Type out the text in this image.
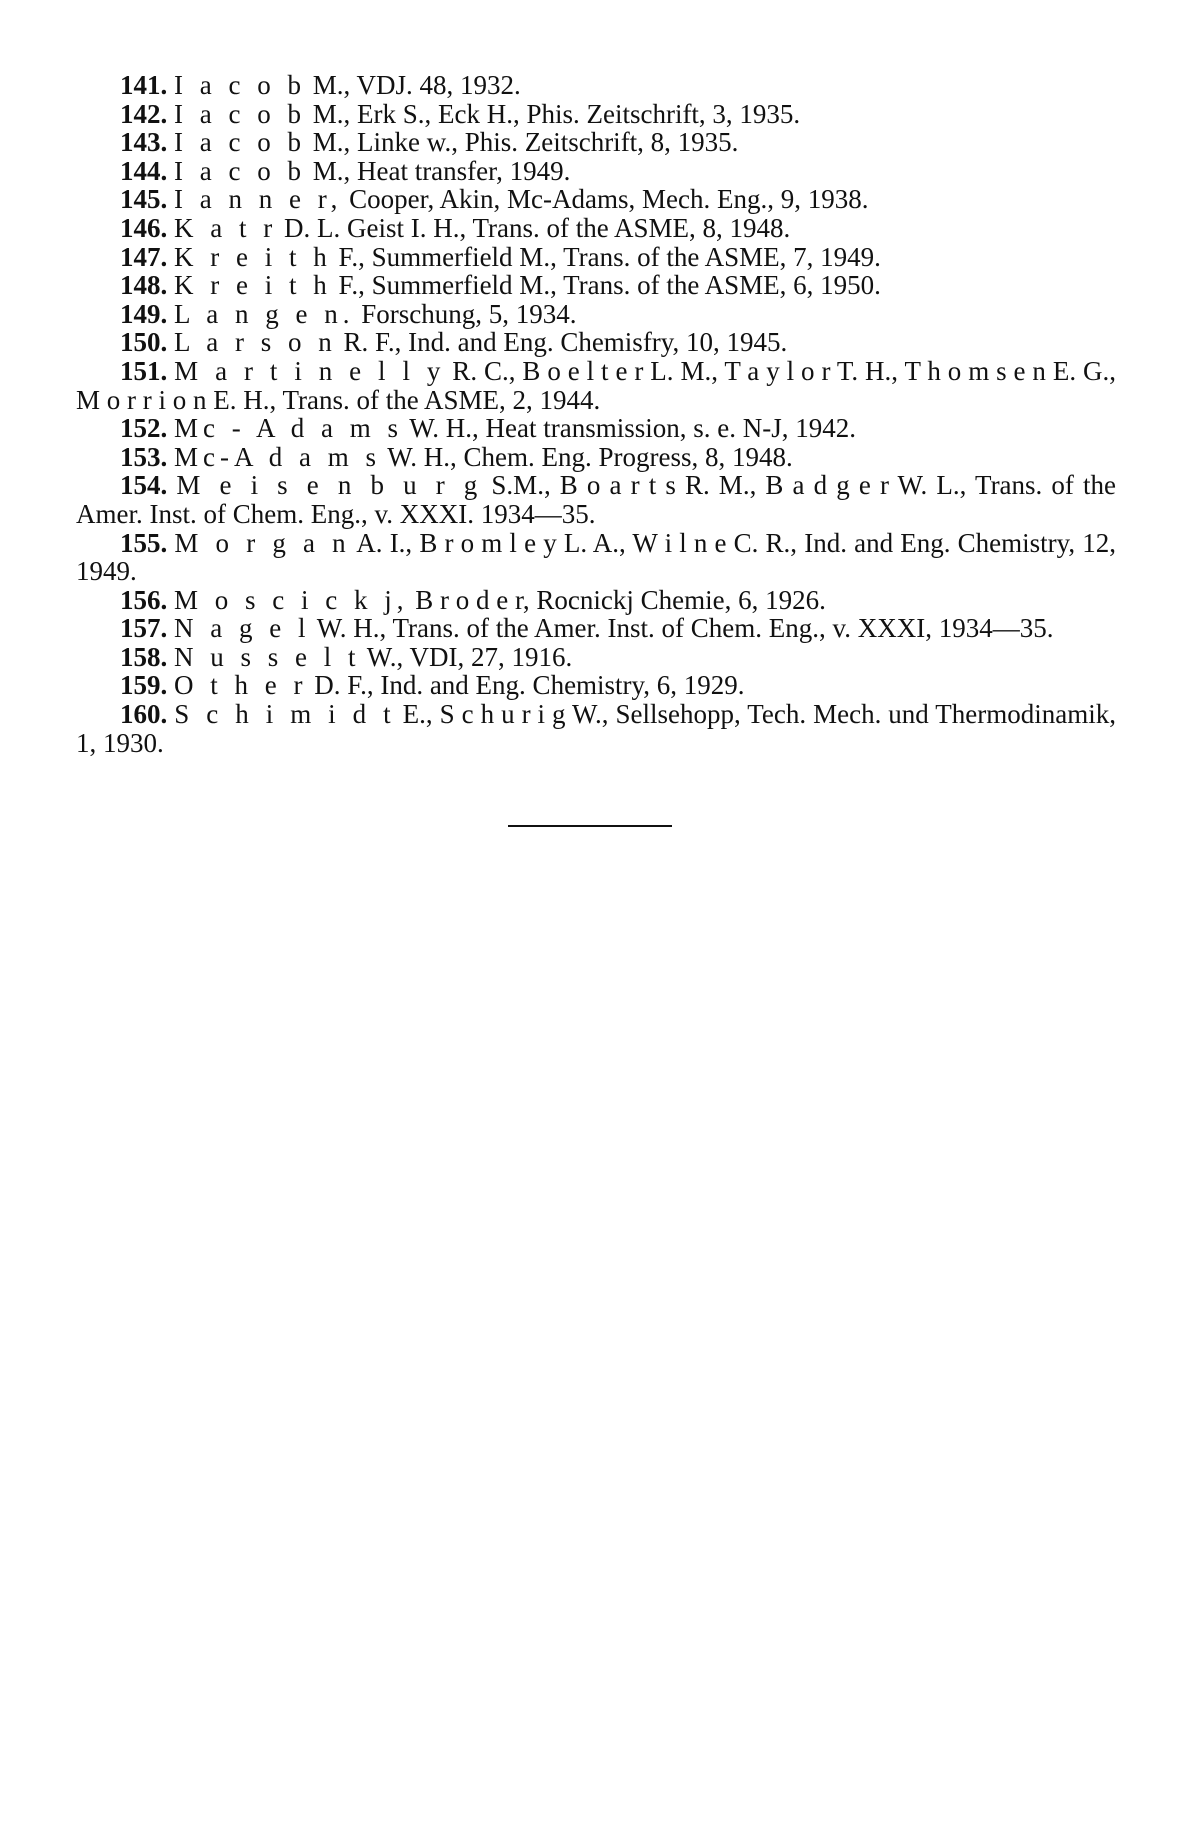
141. I a c o b M., VDJ. 48, 1932.
142. I a c o b M., Erk S., Eck H., Phis. Zeitschrift, 3, 1935.
143. I a c o b M., Linke w., Phis. Zeitschrift, 8, 1935.
144. I a c o b M., Heat transfer, 1949.
145. I a n n e r, Cooper, Akin, Mc-Adams, Mech. Eng., 9, 1938.
146. K a t r D. L. Geist I. H., Trans. of the ASME, 8, 1948.
147. K r e i t h F., Summerfield M., Trans. of the ASME, 7, 1949.
148. K r e i t h F., Summerfield M., Trans. of the ASME, 6, 1950.
149. L a n g e n. Forschung, 5, 1934.
150. L a r s o n R. F., Ind. and Eng. Chemisfry, 10, 1945.
151. M a r t i n e l l y R. C., B o e l t e r L. M., T a y l o r T. H., T h o m s e n E. G., M o r r i o n E. H., Trans. of the ASME, 2, 1944.
152. Mc - A d a m s W. H., Heat transmission, s. e. N-J, 1942.
153. Mc-A d a m s W. H., Chem. Eng. Progress, 8, 1948.
154. M e i s e n b u r g S.M., B o a r t s R. M., B a d g e r W. L., Trans. of the Amer. Inst. of Chem. Eng., v. XXXI. 1934—35.
155. M o r g a n A. I., B r o m l e y L. A., W i l n e C. R., Ind. and Eng. Chemistry, 12, 1949.
156. M o s c i c k j, B r o d e r, Rocnickj Chemie, 6, 1926.
157. N a g e l W. H., Trans. of the Amer. Inst. of Chem. Eng., v. XXXI, 1934—35.
158. N u s s e l t W., VDI, 27, 1916.
159. O t h e r D. F., Ind. and Eng. Chemistry, 6, 1929.
160. S c h i m i d t E., S c h u r i g W., Sellsehopp, Tech. Mech. und Thermodinamik, 1, 1930.
